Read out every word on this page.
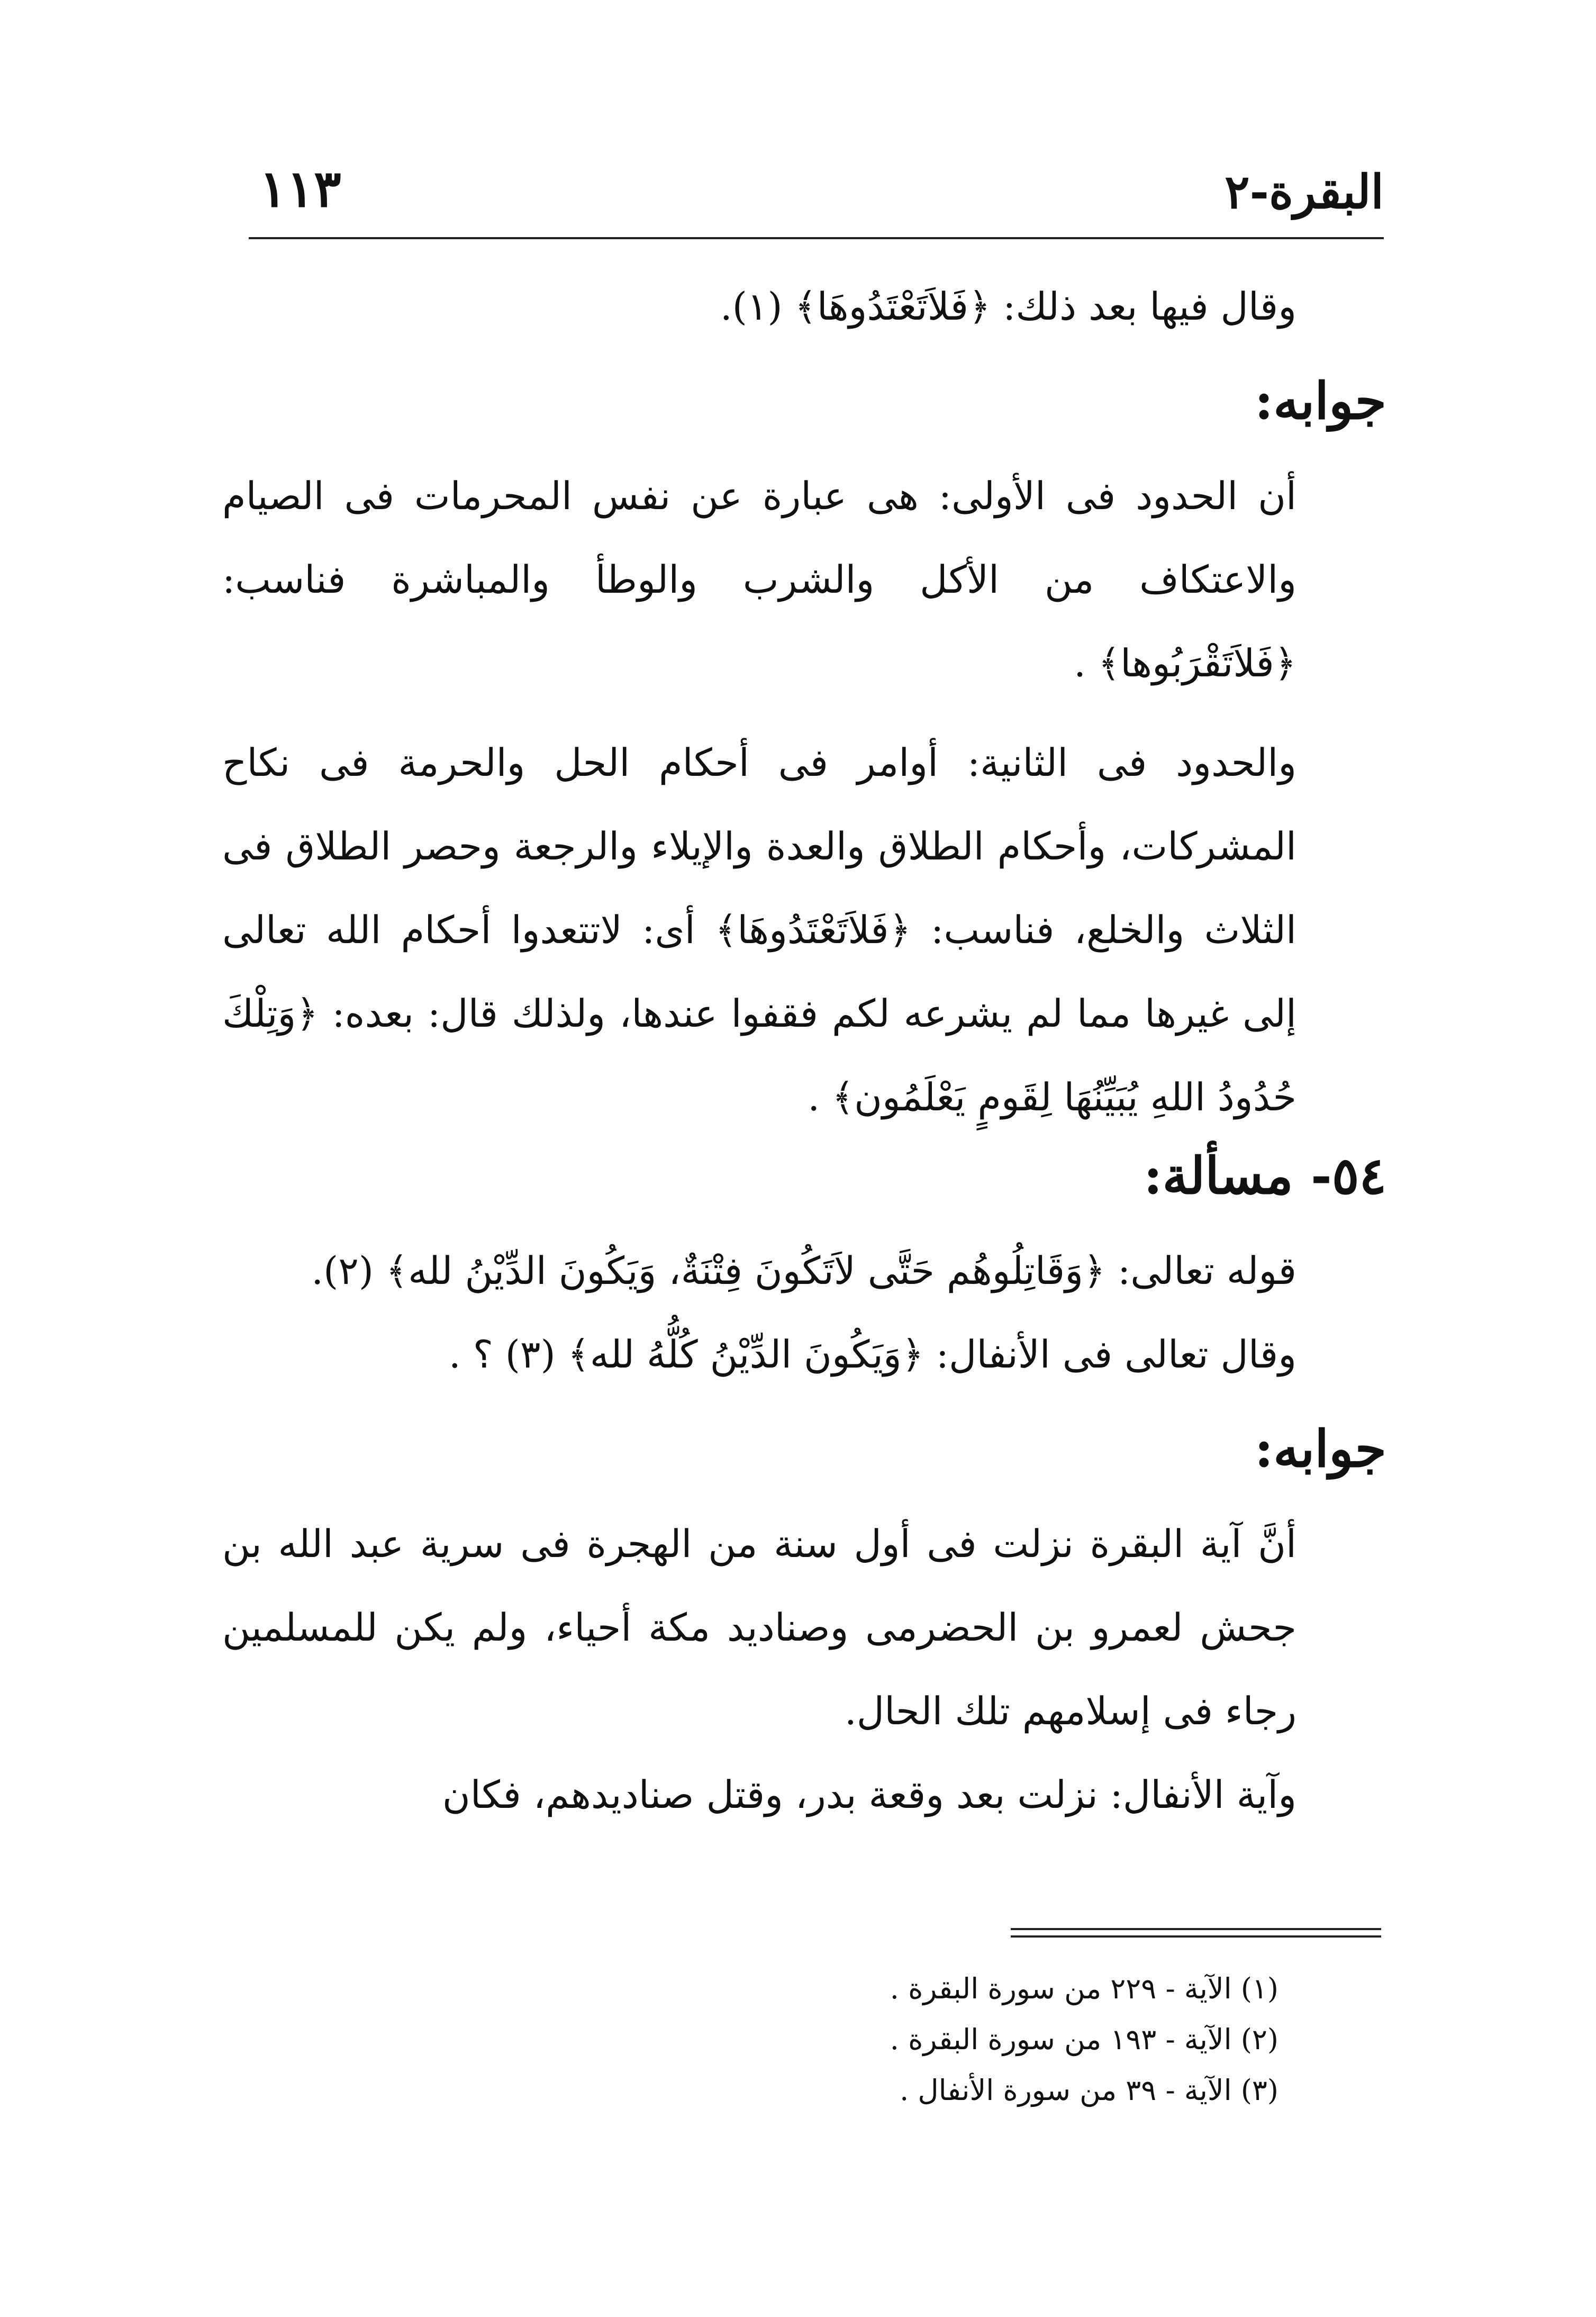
البقرة-٢
١١٣

وقال فيها بعد ذلك: ﴿فَلاَتَعْتَدُوهَا﴾ (١).

جوابه:

أن الحدود فى الأولى: هى عبارة عن نفس المحرمات فى الصيام والاعتكاف من الأكل والشرب والوطأ والمباشرة فناسب: ﴿فَلاَتَقْرَبُوها﴾ .

والحدود فى الثانية: أوامر فى أحكام الحل والحرمة فى نكاح المشركات، وأحكام الطلاق والعدة والإيلاء والرجعة وحصر الطلاق فى الثلاث والخلع، فناسب: ﴿فَلاَتَعْتَدُوهَا﴾ أى: لاتتعدوا أحكام الله تعالى إلى غيرها مما لم يشرعه لكم فقفوا عندها، ولذلك قال: بعده: ﴿وَتِلْكَ حُدُودُ اللهِ يُبَيِّنُهَا لِقَومٍ يَعْلَمُون﴾ .

٥٤- مسألة:

قوله تعالى: ﴿وَقَاتِلُوهُم حَتَّى لاَتَكُونَ فِتْنَةٌ، وَيَكُونَ الدِّيْنُ لله﴾ (٢).

وقال تعالى فى الأنفال: ﴿وَيَكُونَ الدِّيْنُ كُلُّهُ لله﴾ (٣) ؟ .

جوابه:

أنَّ آية البقرة نزلت فى أول سنة من الهجرة فى سرية عبد الله بن جحش لعمرو بن الحضرمى وصناديد مكة أحياء، ولم يكن للمسلمين رجاء فى إسلامهم تلك الحال.

وآية الأنفال: نزلت بعد وقعة بدر، وقتل صناديدهم، فكان

(١) الآية - ٢٢٩ من سورة البقرة .
(٢) الآية - ١٩٣ من سورة البقرة .
(٣) الآية - ٣٩ من سورة الأنفال .
